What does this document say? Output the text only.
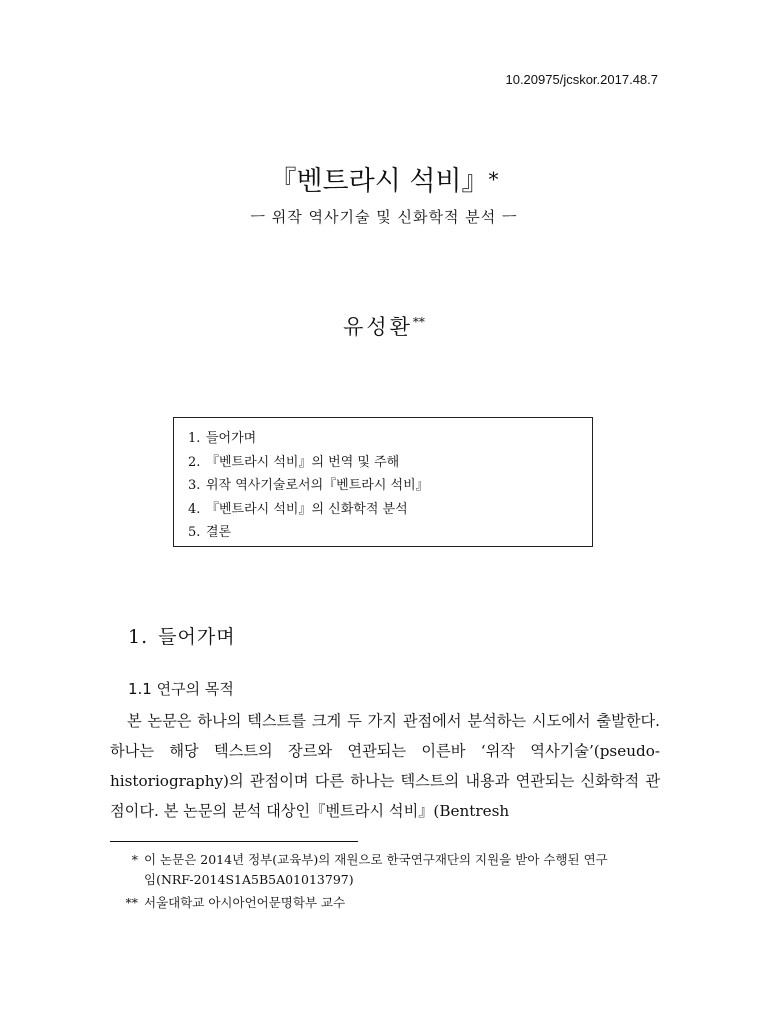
10.20975/jcskor.2017.48.7
『벤트라시 석비』*
ㅡ 위작 역사기술 및 신화학적 분석 ㅡ
유성환**
1. 들어가며
2. 『벤트라시 석비』의 번역 및 주해
3. 위작 역사기술로서의『벤트라시 석비』
4. 『벤트라시 석비』의 신화학적 분석
5. 결론
1. 들어가며
1.1 연구의 목적

본 논문은 하나의 텍스트를 크게 두 가지 관점에서 분석하는 시도에서 출발한다. 하나는 해당 텍스트의 장르와 연관되는 이른바 ‘위작 역사기술’(pseudo-historiography)의 관점이며 다른 하나는 텍스트의 내용과 연관되는 신화학적 관점이다. 본 논문의 분석 대상인『벤트라시 석비』(Bentresh

* 이 논문은 2014년 정부(교육부)의 재원으로 한국연구재단의 지원을 받아 수행된 연구
임(NRF-2014S1A5B5A01013797)
** 서울대학교 아시아언어문명학부 교수
